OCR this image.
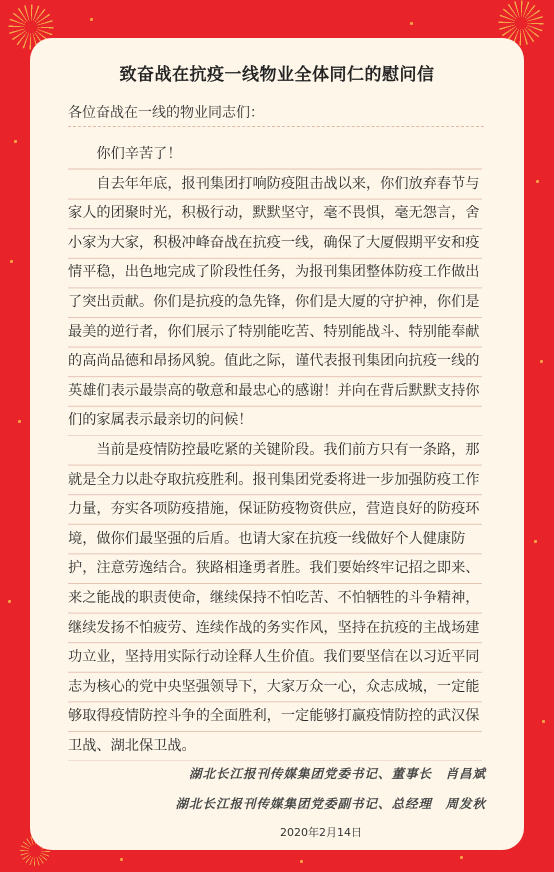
致奋战在抗疫一线物业全体同仁的慰问信
各位奋战在一线的物业同志们：

你们辛苦了！

自去年年底，报刊集团打响防疫阻击战以来，你们放弃春节与家人的团聚时光，积极行动，默默坚守，毫不畏惧，毫无怨言，舍小家为大家，积极冲峰奋战在抗疫一线，确保了大厦假期平安和疫情平稳，出色地完成了阶段性任务，为报刊集团整体防疫工作做出了突出贡献。你们是抗疫的急先锋，你们是大厦的守护神，你们是最美的逆行者，你们展示了特别能吃苦、特别能战斗、特别能奉献的高尚品德和昂扬风貌。值此之际，谨代表报刊集团向抗疫一线的英雄们表示最崇高的敬意和最忠心的感谢！并向在背后默默支持你们的家属表示最亲切的问候！

当前是疫情防控最吃紧的关键阶段。我们前方只有一条路，那就是全力以赴夺取抗疫胜利。报刊集团党委将进一步加强防疫工作力量，夯实各项防疫措施，保证防疫物资供应，营造良好的防疫环境，做你们最坚强的后盾。也请大家在抗疫一线做好个人健康防护，注意劳逸结合。狭路相逢勇者胜。我们要始终牢记招之即来、来之能战的职责使命，继续保持不怕吃苦、不怕牺牲的斗争精神，继续发扬不怕疲劳、连续作战的务实作风，坚持在抗疫的主战场建功立业，坚持用实际行动诠释人生价值。我们要坚信在以习近平同志为核心的党中央坚强领导下，大家万众一心，众志成城，一定能够取得疫情防控斗争的全面胜利，一定能够打赢疫情防控的武汉保卫战、湖北保卫战。

湖北长江报刊传媒集团党委书记、董事长　肖昌斌
湖北长江报刊传媒集团党委副书记、总经理　周发秋
2020年2月14日
